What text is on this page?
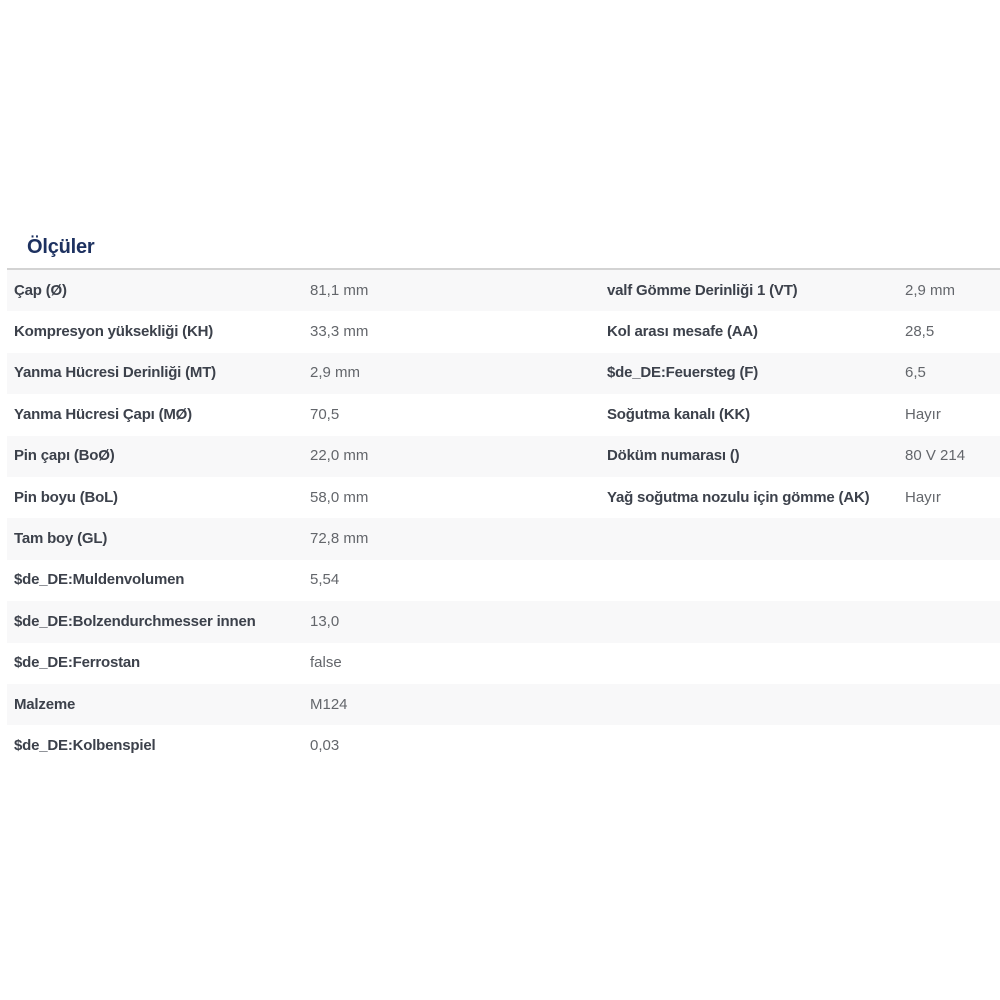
Ölçüler
Çap (Ø)	81,1 mm	valf Gömme Derinliği 1 (VT)	2,9 mm
Kompresyon yüksekliği (KH)	33,3 mm	Kol arası mesafe (AA)	28,5
Yanma Hücresi Derinliği (MT)	2,9 mm	$de_DE:Feuersteg (F)	6,5
Yanma Hücresi Çapı (MØ)	70,5	Soğutma kanalı (KK)	Hayır
Pin çapı (BoØ)	22,0 mm	Döküm numarası ()	80 V 214
Pin boyu (BoL)	58,0 mm	Yağ soğutma nozulu için gömme (AK)	Hayır
Tam boy (GL)	72,8 mm
$de_DE:Muldenvolumen	5,54
$de_DE:Bolzendurchmesser innen	13,0
$de_DE:Ferrostan	false
Malzeme	M124
$de_DE:Kolbenspiel	0,03
